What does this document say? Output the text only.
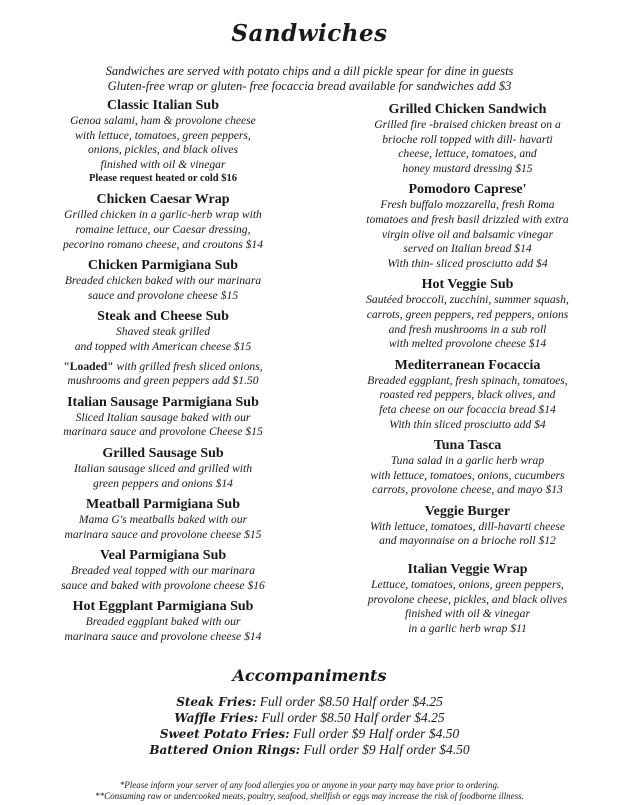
Sandwiches
Sandwiches are served with potato chips and a dill pickle spear for dine in guests
Gluten-free wrap or gluten- free focaccia bread available for sandwiches add $3
Classic Italian Sub
Genoa salami, ham & provolone cheese
with lettuce, tomatoes, green peppers,
onions, pickles, and black olives
finished with oil & vinegar
Please request heated or cold $16
Chicken Caesar Wrap
Grilled chicken in a garlic-herb wrap with
romaine lettuce, our Caesar dressing,
pecorino romano cheese, and croutons $14
Chicken Parmigiana Sub
Breaded chicken baked with our marinara
sauce and provolone cheese $15
Steak and Cheese Sub
Shaved steak grilled
and topped with American cheese $15
"Loaded" with grilled fresh sliced onions,
mushrooms and green peppers add $1.50
Italian Sausage Parmigiana Sub
Sliced Italian sausage baked with our
marinara sauce and provolone Cheese $15
Grilled Sausage Sub
Italian sausage sliced and grilled with
green peppers and onions $14
Meatball Parmigiana Sub
Mama G's meatballs baked with our
marinara sauce and provolone cheese $15
Veal Parmigiana Sub
Breaded veal topped with our marinara
sauce and baked with provolone cheese $16
Hot Eggplant Parmigiana Sub
Breaded eggplant baked with our
marinara sauce and provolone cheese $14
Grilled Chicken Sandwich
Grilled fire -braised chicken breast on a
brioche roll topped with dill- havarti
cheese, lettuce, tomatoes, and
honey mustard dressing $15
Pomodoro Caprese'
Fresh buffalo mozzarella, fresh Roma
tomatoes and fresh basil drizzled with extra
virgin olive oil and balsamic vinegar
served on Italian bread $14
With thin- sliced prosciutto add $4
Hot Veggie Sub
Sautéed broccoli, zucchini, summer squash,
carrots, green peppers, red peppers, onions
and fresh mushrooms in a sub roll
with melted provolone cheese $14
Mediterranean Focaccia
Breaded eggplant, fresh spinach, tomatoes,
roasted red peppers, black olives, and
feta cheese on our focaccia bread $14
With thin sliced prosciutto add $4
Tuna Tasca
Tuna salad in a garlic herb wrap
with lettuce, tomatoes, onions, cucumbers
carrots, provolone cheese, and mayo $13
Veggie Burger
With lettuce, tomatoes, dill-havarti cheese
and mayonnaise on a brioche roll $12
Italian Veggie Wrap
Lettuce, tomatoes, onions, green peppers,
provolone cheese, pickles, and black olives
finished with oil & vinegar
in a garlic herb wrap $11
Accompaniments
Steak Fries: Full order $8.50 Half order $4.25
Waffle Fries: Full order $8.50 Half order $4.25
Sweet Potato Fries: Full order $9 Half order $4.50
Battered Onion Rings: Full order $9 Half order $4.50
*Please inform your server of any food allergies you or anyone in your party may have prior to ordering.
**Consuming raw or undercooked meats, poultry, seafood, shellfish or eggs may increase the risk of foodborne illness.
